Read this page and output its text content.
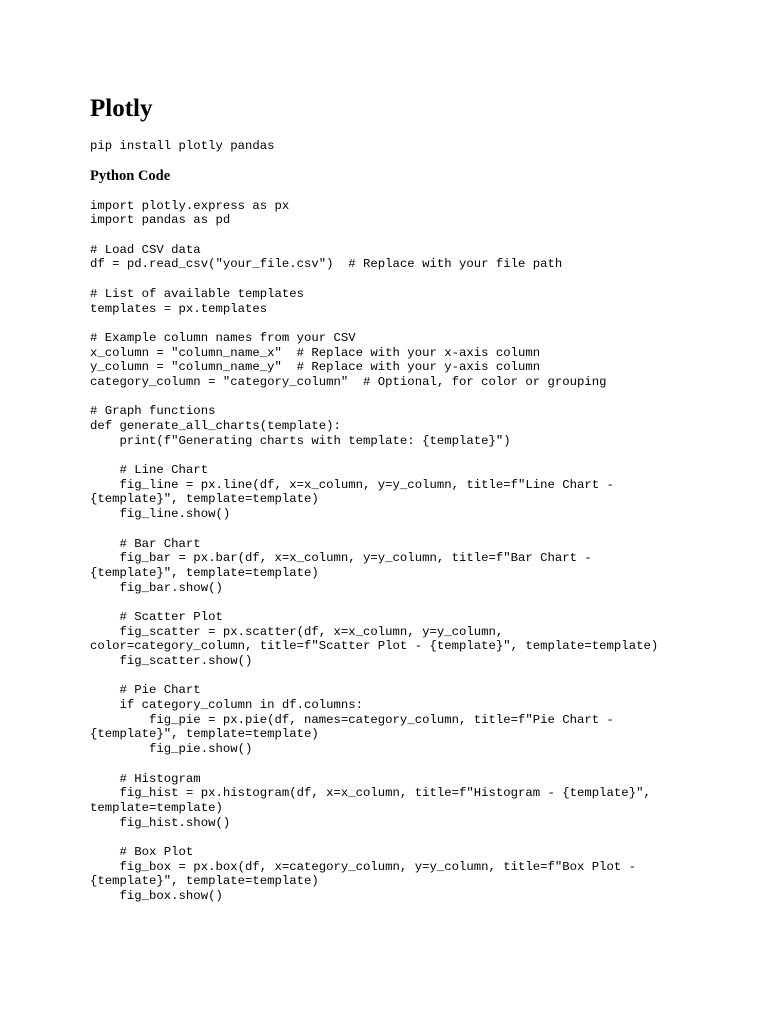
Plotly
pip install plotly pandas
Python Code
import plotly.express as px
import pandas as pd
# Load CSV data
df = pd.read_csv("your_file.csv")  # Replace with your file path
# List of available templates
templates = px.templates
# Example column names from your CSV
x_column = "column_name_x"  # Replace with your x-axis column
y_column = "column_name_y"  # Replace with your y-axis column
category_column = "category_column"  # Optional, for color or grouping
# Graph functions
def generate_all_charts(template):
print(f"Generating charts with template: {template}")
# Line Chart
fig_line = px.line(df, x=x_column, y=y_column, title=f"Line Chart -
{template}", template=template)
fig_line.show()
# Bar Chart
fig_bar = px.bar(df, x=x_column, y=y_column, title=f"Bar Chart -
{template}", template=template)
fig_bar.show()
# Scatter Plot
fig_scatter = px.scatter(df, x=x_column, y=y_column,
color=category_column, title=f"Scatter Plot - {template}", template=template)
fig_scatter.show()
# Pie Chart
if category_column in df.columns:
fig_pie = px.pie(df, names=category_column, title=f"Pie Chart -
{template}", template=template)
fig_pie.show()
# Histogram
fig_hist = px.histogram(df, x=x_column, title=f"Histogram - {template}",
template=template)
fig_hist.show()
# Box Plot
fig_box = px.box(df, x=category_column, y=y_column, title=f"Box Plot -
{template}", template=template)
fig_box.show()
